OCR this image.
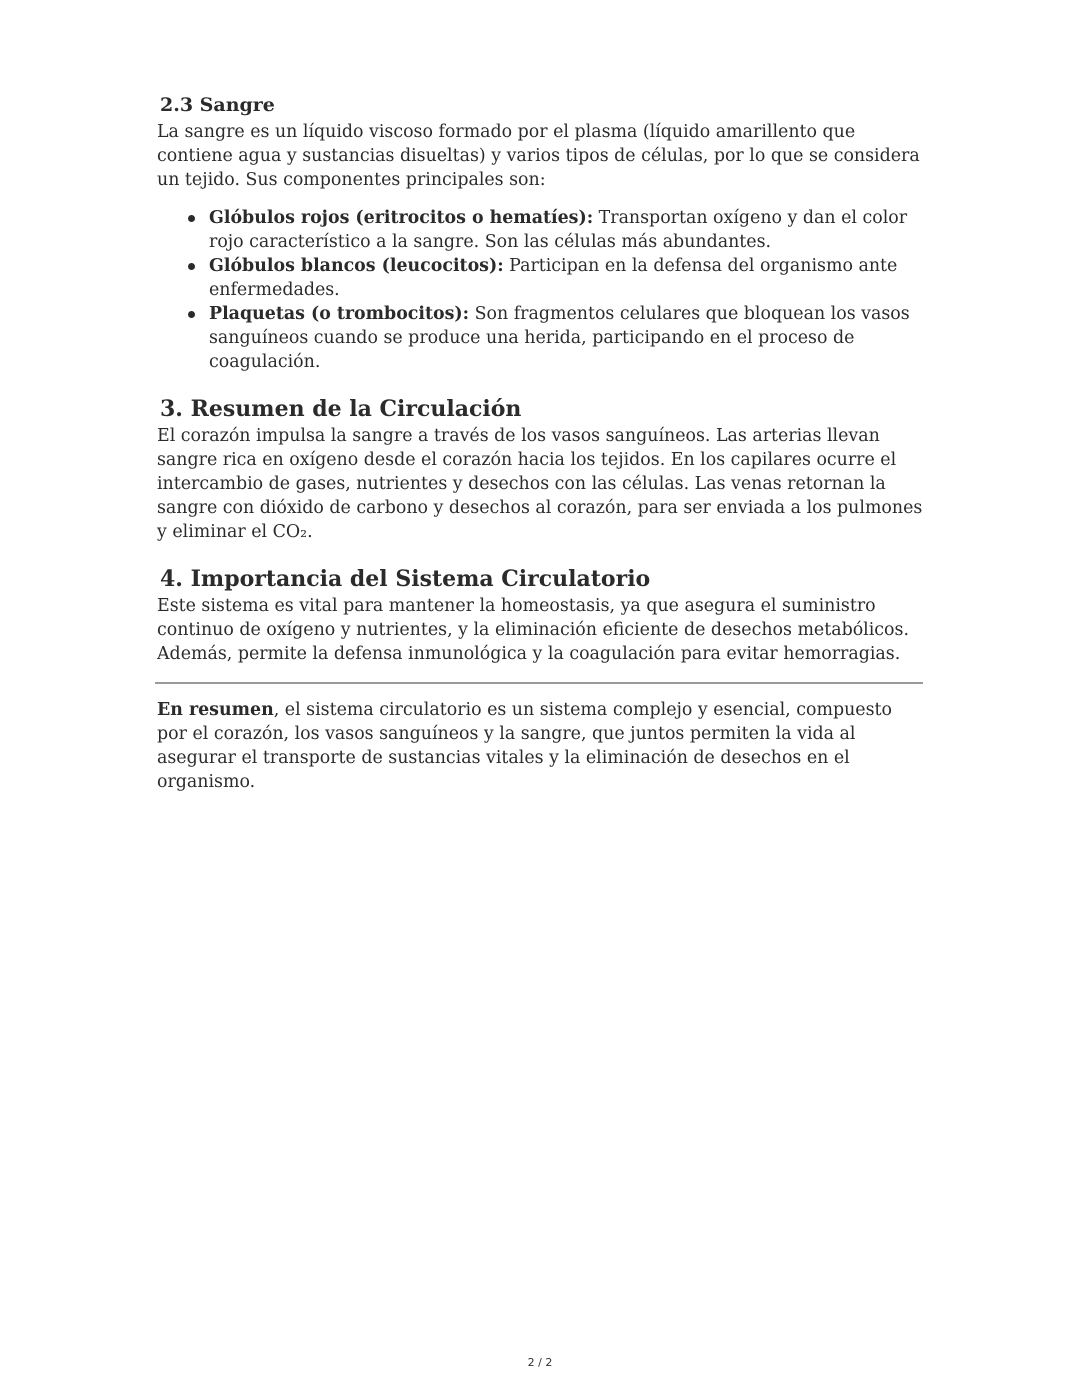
2.3 Sangre

La sangre es un líquido viscoso formado por el plasma (líquido amarillento que contiene agua y sustancias disueltas) y varios tipos de células, por lo que se considera un tejido. Sus componentes principales son:

Glóbulos rojos (eritrocitos o hematíes): Transportan oxígeno y dan el color rojo característico a la sangre. Son las células más abundantes.
Glóbulos blancos (leucocitos): Participan en la defensa del organismo ante enfermedades.
Plaquetas (o trombocitos): Son fragmentos celulares que bloquean los vasos sanguíneos cuando se produce una herida, participando en el proceso de coagulación.
3. Resumen de la Circulación

El corazón impulsa la sangre a través de los vasos sanguíneos. Las arterias llevan sangre rica en oxígeno desde el corazón hacia los tejidos. En los capilares ocurre el intercambio de gases, nutrientes y desechos con las células. Las venas retornan la sangre con dióxido de carbono y desechos al corazón, para ser enviada a los pulmones y eliminar el CO₂.

4. Importancia del Sistema Circulatorio

Este sistema es vital para mantener la homeostasis, ya que asegura el suministro continuo de oxígeno y nutrientes, y la eliminación eficiente de desechos metabólicos. Además, permite la defensa inmunológica y la coagulación para evitar hemorragias.

En resumen, el sistema circulatorio es un sistema complejo y esencial, compuesto por el corazón, los vasos sanguíneos y la sangre, que juntos permiten la vida al asegurar el transporte de sustancias vitales y la eliminación de desechos en el organismo.

2 / 2
